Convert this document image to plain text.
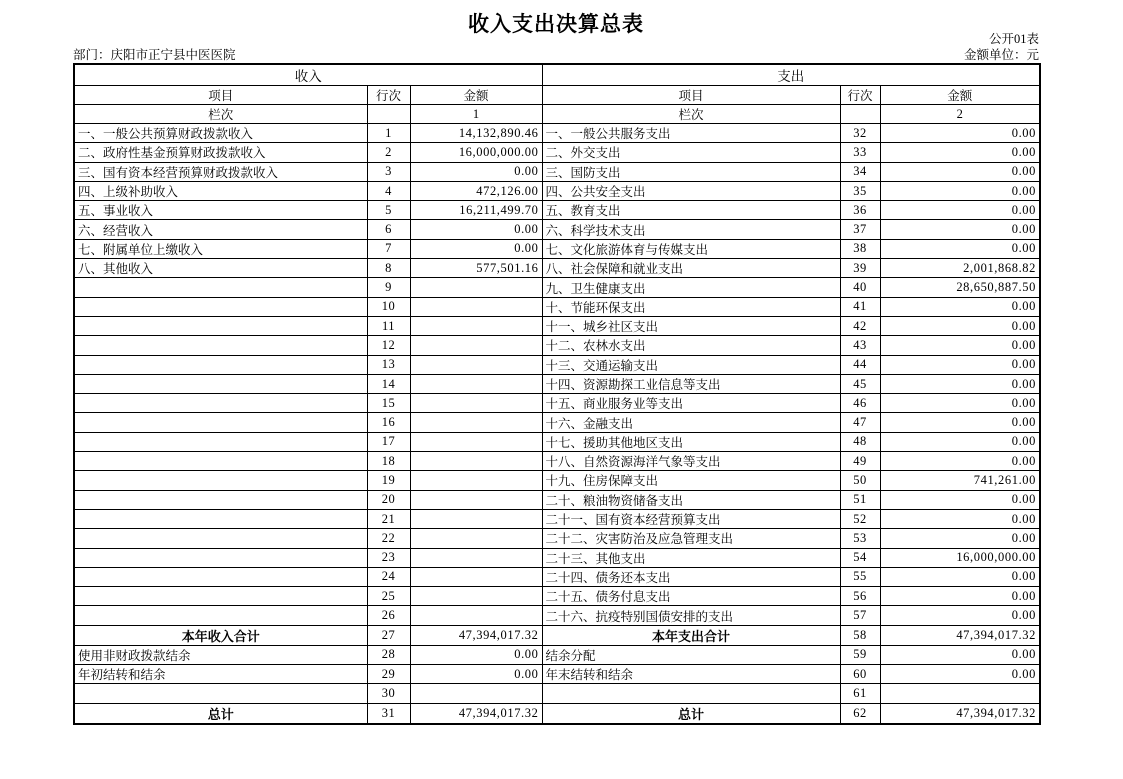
收入支出决算总表
公开01表
部门：庆阳市正宁县中医医院	金额单位：元
收入			支出		
项目	行次	金额	项目	行次	金额
栏次		1	栏次		2
一、一般公共预算财政拨款收入	1	14,132,890.46	一、一般公共服务支出	32	0.00
二、政府性基金预算财政拨款收入	2	16,000,000.00	二、外交支出	33	0.00
三、国有资本经营预算财政拨款收入	3	0.00	三、国防支出	34	0.00
四、上级补助收入	4	472,126.00	四、公共安全支出	35	0.00
五、事业收入	5	16,211,499.70	五、教育支出	36	0.00
六、经营收入	6	0.00	六、科学技术支出	37	0.00
七、附属单位上缴收入	7	0.00	七、文化旅游体育与传媒支出	38	0.00
八、其他收入	8	577,501.16	八、社会保障和就业支出	39	2,001,868.82
	9		九、卫生健康支出	40	28,650,887.50
	10		十、节能环保支出	41	0.00
	11		十一、城乡社区支出	42	0.00
	12		十二、农林水支出	43	0.00
	13		十三、交通运输支出	44	0.00
	14		十四、资源勘探工业信息等支出	45	0.00
	15		十五、商业服务业等支出	46	0.00
	16		十六、金融支出	47	0.00
	17		十七、援助其他地区支出	48	0.00
	18		十八、自然资源海洋气象等支出	49	0.00
	19		十九、住房保障支出	50	741,261.00
	20		二十、粮油物资储备支出	51	0.00
	21		二十一、国有资本经营预算支出	52	0.00
	22		二十二、灾害防治及应急管理支出	53	0.00
	23		二十三、其他支出	54	16,000,000.00
	24		二十四、债务还本支出	55	0.00
	25		二十五、债务付息支出	56	0.00
	26		二十六、抗疫特别国债安排的支出	57	0.00
本年收入合计	27	47,394,017.32	本年支出合计	58	47,394,017.32
使用非财政拨款结余	28	0.00	结余分配	59	0.00
年初结转和结余	29	0.00	年末结转和结余	60	0.00
	30			61	
总计	31	47,394,017.32	总计	62	47,394,017.32
